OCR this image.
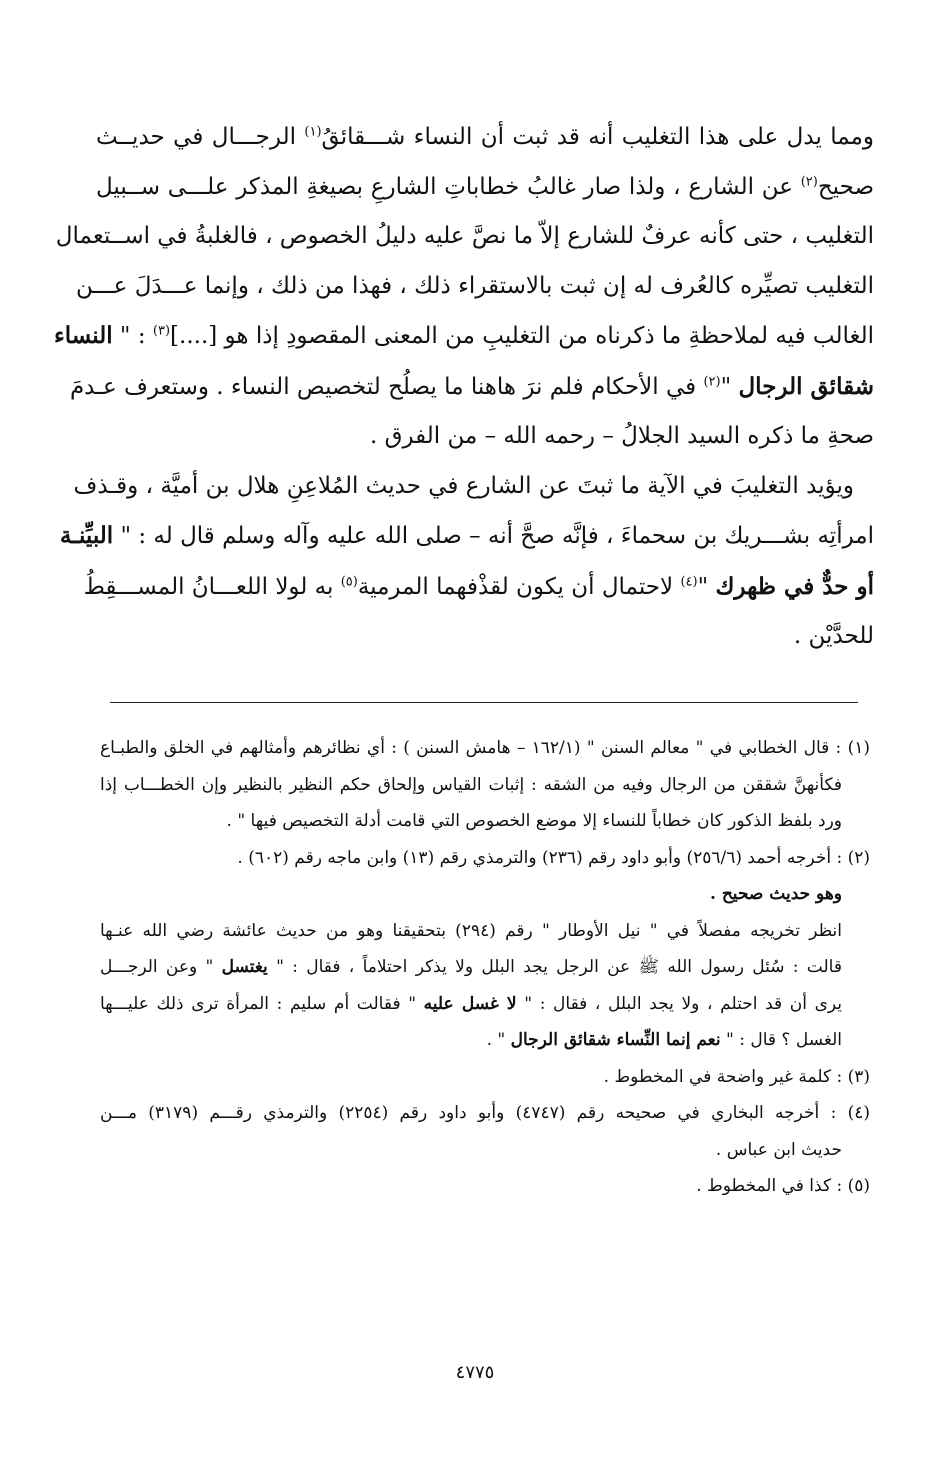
ومما يدل على هذا التغليب أنه قد ثبت أن النساء شـــقائقُ$^{(١)}$ الرجـــال في حديــث
صحيح$^{(٢)}$ عن الشارع ، ولذا صار غالبُ خطاباتِ الشارعِ بصيغةِ المذكر علـــى ســبيل
التغليب ، حتى كأنه عرفٌ للشارع إلاّ ما نصَّ عليه دليلُ الخصوص ، فالغلبةُ في اســتعمال
التغليب تصيِّره كالعُرف له إن ثبت بالاستقراء ذلك ، فهذا من ذلك ، وإنما عـــدَلَ عـــن
الغالب فيه لملاحظةِ ما ذكرناه من التغليبِ من المعنى المقصودِ إذا هو [....]$^{(٣)}$ : " النساء
شقائق الرجال "$^{(٢)}$ في الأحكام فلم نرَ هاهنا ما يصلُح لتخصيص النساء . وستعرف عـدمَ
صحةِ ما ذكره السيد الجلالُ – رحمه الله – من الفرق .

ويؤيد التغليبَ في الآية ما ثبتَ عن الشارع في حديث المُلاعِنِ هلال بن أميَّة ، وقـذف
امرأتِه بشـــريك بن سحماءَ ، فإنَّه صحَّ أنه – صلى الله عليه وآله وسلم قال له : " البيِّنـة
أو حدٌّ في ظهرك "$^{(٤)}$ لاحتمال أن يكون لقذْفهما المرمية$^{(٥)}$ به لولا اللعـــانُ المســـقِطُ
للحدَّيْن .

(١) : قال الخطابي في " معالم السنن " (١٦٢/١ – هامش السنن ) : أي نظائرهم وأمثالهم في الخلق والطبـاع
فكأنهنَّ شققن من الرجال وفيه من الشقه : إثبات القياس وإلحاق حكم النظير بالنظير وإن الخطـــاب إذا
ورد بلفظ الذكور كان خطاباً للنساء إلا موضع الخصوص التي قامت أدلة التخصيص فيها " .
(٢) : أخرجه أحمد (٢٥٦/٦) وأبو داود رقم (٢٣٦) والترمذي رقم (١٣) وابن ماجه رقم (٦٠٢) .
وهو حديث صحيح .
انظر تخريجه مفصلاً في " نيل الأوطار " رقم (٢٩٤) بتحقيقنا وهو من حديث عائشة رضي الله عنـها
قالت : سُئل رسول الله ﷺ عن الرجل يجد البلل ولا يذكر احتلاماً ، فقال : " يغتسل " وعن الرجـــل
يرى أن قد احتلم ، ولا يجد البلل ، فقال : " لا غسل عليه " فقالت أم سليم : المرأة ترى ذلك عليـــها
الغسل ؟ قال : " نعم إنما النِّساء شقائق الرجال " .
(٣) : كلمة غير واضحة في المخطوط .
(٤) : أخرجه البخاري في صحيحه رقم (٤٧٤٧) وأبو داود رقم (٢٢٥٤) والترمذي رقـــم (٣١٧٩) مـــن
حديث ابن عباس .
(٥) : كذا في المخطوط .
٤٧٧٥
